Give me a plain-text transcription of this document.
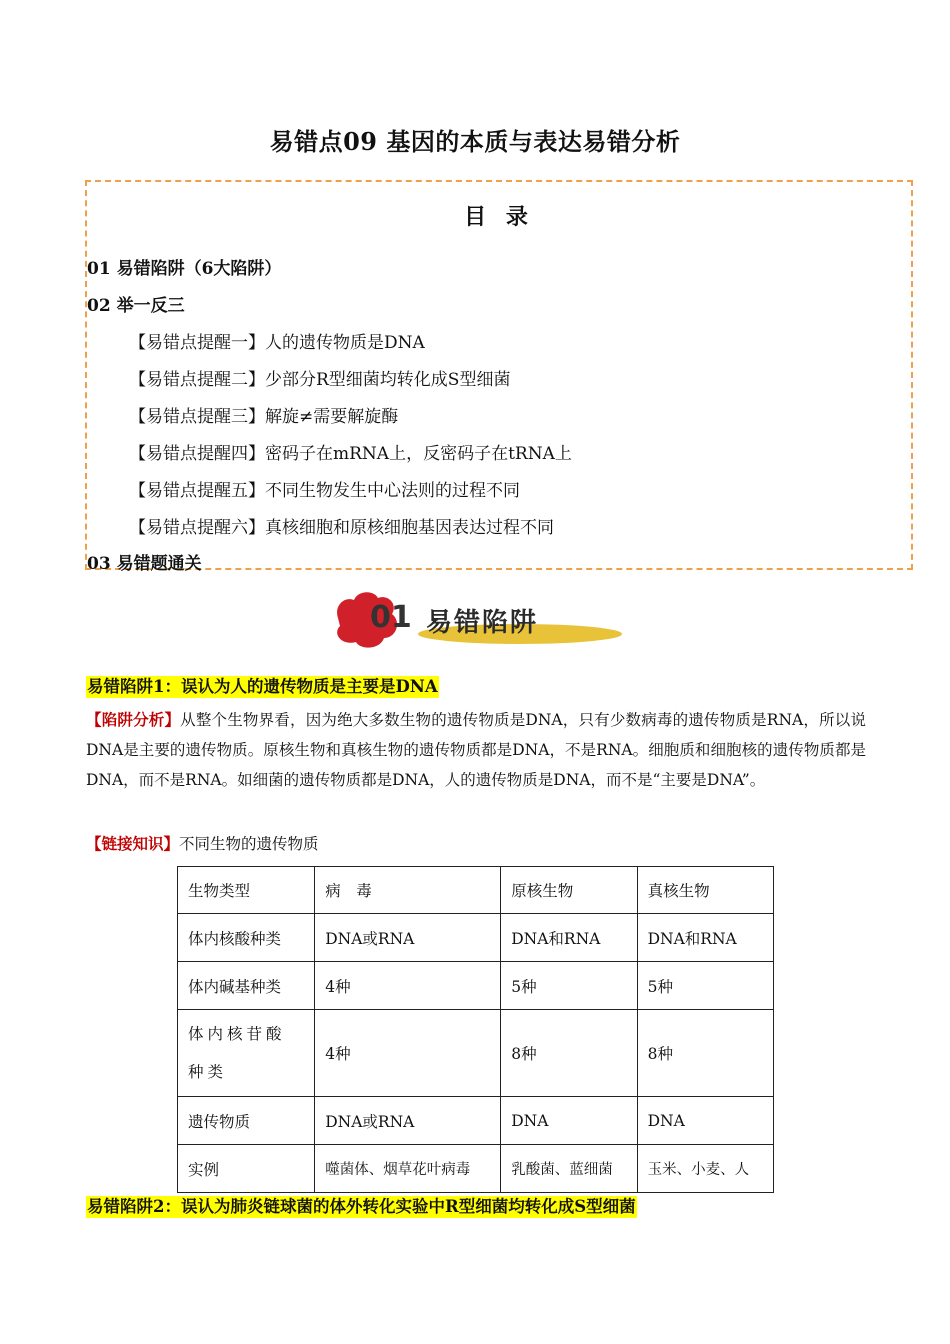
易错点09 基因的本质与表达易错分析
目 录
01 易错陷阱（6大陷阱）
02 举一反三
【易错点提醒一】人的遗传物质是DNA
【易错点提醒二】少部分R型细菌均转化成S型细菌
【易错点提醒三】解旋≠需要解旋酶
【易错点提醒四】密码子在mRNA上，反密码子在tRNA上
【易错点提醒五】不同生物发生中心法则的过程不同
【易错点提醒六】真核细胞和原核细胞基因表达过程不同
03 易错题通关
01 易错陷阱
易错陷阱1：误认为人的遗传物质是主要是DNA
【陷阱分析】从整个生物界看，因为绝大多数生物的遗传物质是DNA，只有少数病毒的遗传物质是RNA，所以说DNA是主要的遗传物质。原核生物和真核生物的遗传物质都是DNA，不是RNA。细胞质和细胞核的遗传物质都是DNA，而不是RNA。如细菌的遗传物质都是DNA，人的遗传物质是DNA，而不是“主要是DNA”。
【链接知识】不同生物的遗传物质
生物类型	病　毒	原核生物	真核生物
体内核酸种类	DNA或RNA	DNA和RNA	DNA和RNA
体内碱基种类	4种	5种	5种
体内核苷酸种类	4种	8种	8种
遗传物质	DNA或RNA	DNA	DNA
实例	噬菌体、烟草花叶病毒	乳酸菌、蓝细菌	玉米、小麦、人
易错陷阱2：误认为肺炎链球菌的体外转化实验中R型细菌均转化成S型细菌
